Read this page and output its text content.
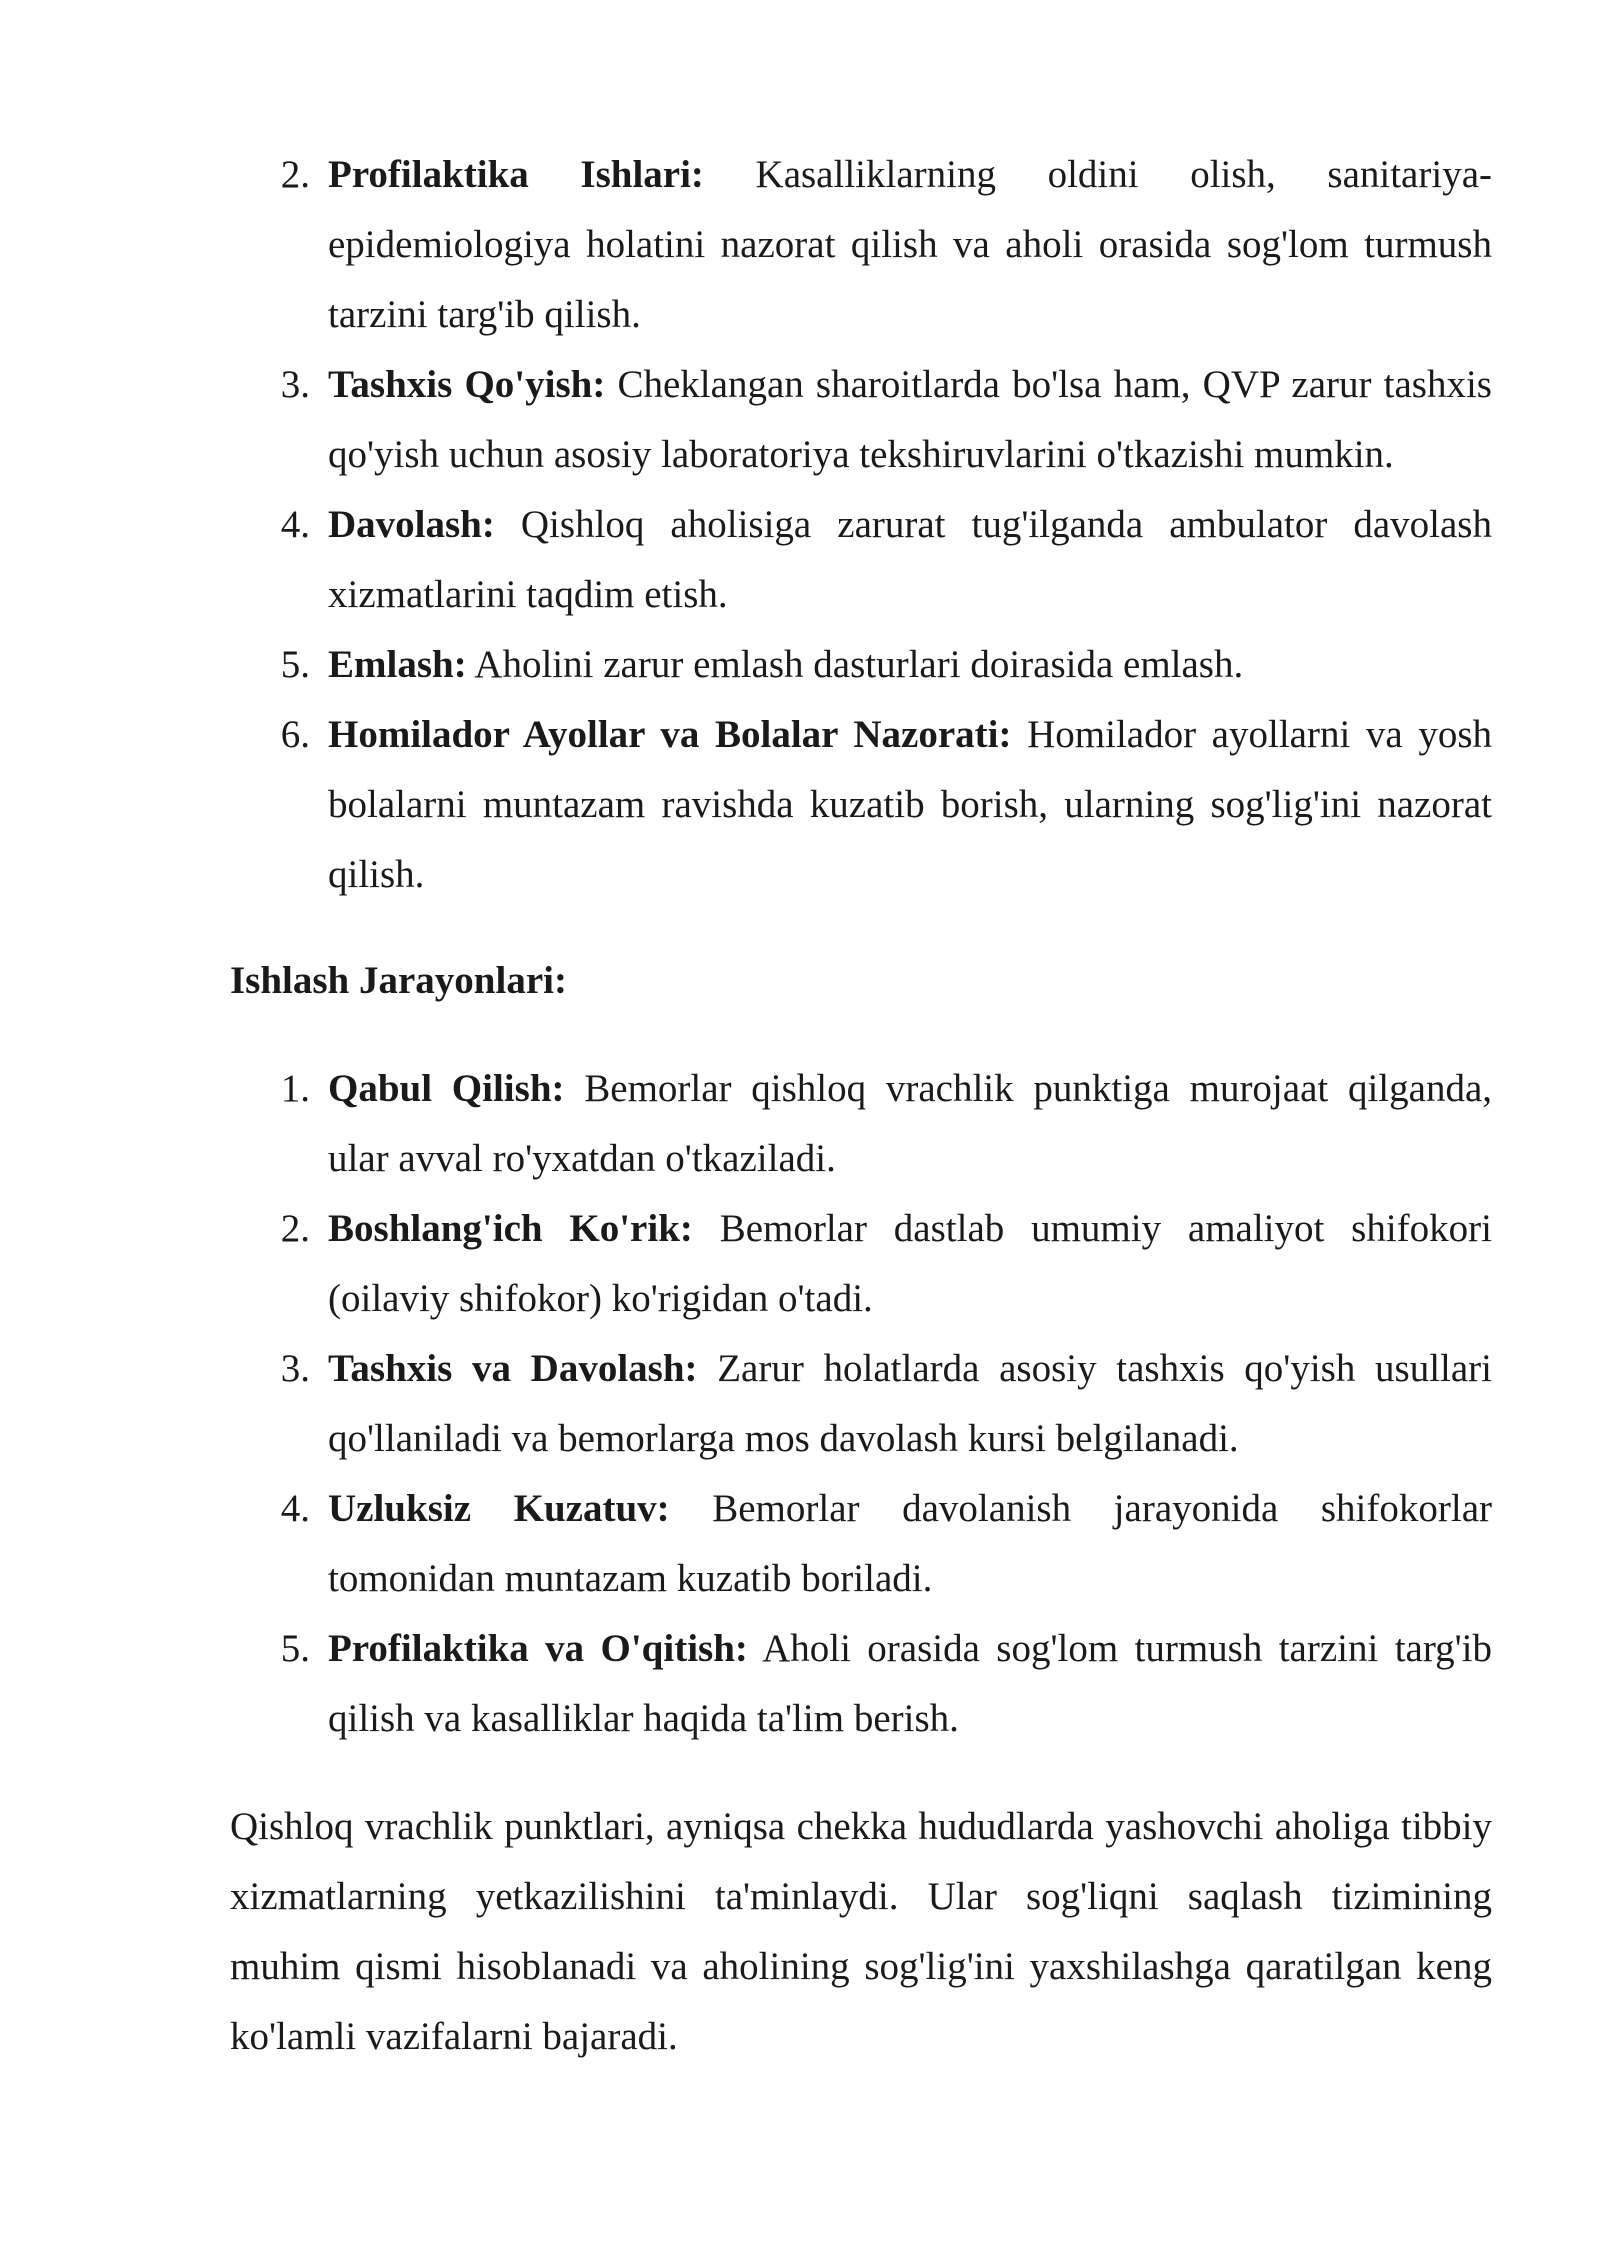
2. Profilaktika Ishlari: Kasalliklarning oldini olish, sanitariya-epidemiologiya holatini nazorat qilish va aholi orasida sog'lom turmush tarzini targ'ib qilish.
3. Tashxis Qo'yish: Cheklangan sharoitlarda bo'lsa ham, QVP zarur tashxis qo'yish uchun asosiy laboratoriya tekshiruvlarini o'tkazishi mumkin.
4. Davolash: Qishloq aholisiga zarurat tug'ilganda ambulator davolash xizmatlarini taqdim etish.
5. Emlash: Aholini zarur emlash dasturlari doirasida emlash.
6. Homilador Ayollar va Bolalar Nazorati: Homilador ayollarni va yosh bolalarni muntazam ravishda kuzatib borish, ularning sog'lig'ini nazorat qilish.
Ishlash Jarayonlari:
1. Qabul Qilish: Bemorlar qishloq vrachlik punktiga murojaat qilganda, ular avval ro'yxatdan o'tkaziladi.
2. Boshlang'ich Ko'rik: Bemorlar dastlab umumiy amaliyot shifokori (oilaviy shifokor) ko'rigidan o'tadi.
3. Tashxis va Davolash: Zarur holatlarda asosiy tashxis qo'yish usullari qo'llaniladi va bemorlarga mos davolash kursi belgilanadi.
4. Uzluksiz Kuzatuv: Bemorlar davolanish jarayonida shifokorlar tomonidan muntazam kuzatib boriladi.
5. Profilaktika va O'qitish: Aholi orasida sog'lom turmush tarzini targ'ib qilish va kasalliklar haqida ta'lim berish.

Qishloq vrachlik punktlari, ayniqsa chekka hududlarda yashovchi aholiga tibbiy xizmatlarning yetkazilishini ta'minlaydi. Ular sog'liqni saqlash tizimining muhim qismi hisoblanadi va aholining sog'lig'ini yaxshilashga qaratilgan keng ko'lamli vazifalarni bajaradi.
